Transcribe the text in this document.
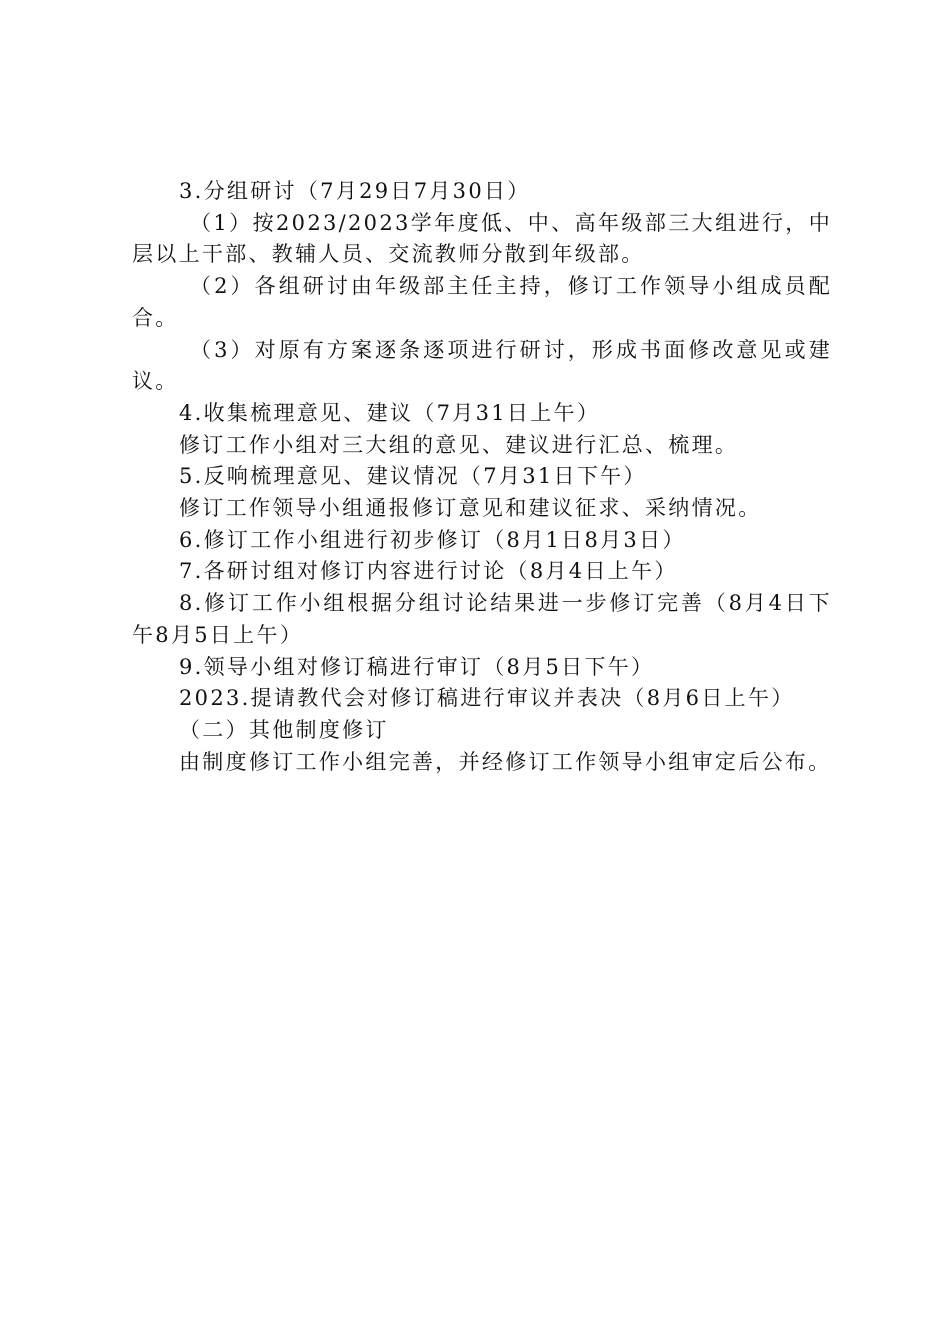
3.分组研讨（7月29日7月30日）

（1）按2023/2023学年度低、中、高年级部三大组进行，中层以上干部、教辅人员、交流教师分散到年级部。

（2）各组研讨由年级部主任主持，修订工作领导小组成员配合。

（3）对原有方案逐条逐项进行研讨，形成书面修改意见或建议。

4.收集梳理意见、建议（7月31日上午）

修订工作小组对三大组的意见、建议进行汇总、梳理。

5.反响梳理意见、建议情况（7月31日下午）

修订工作领导小组通报修订意见和建议征求、采纳情况。

6.修订工作小组进行初步修订（8月1日8月3日）

7.各研讨组对修订内容进行讨论（8月4日上午）

8.修订工作小组根据分组讨论结果进一步修订完善（8月4日下午8月5日上午）

9.领导小组对修订稿进行审订（8月5日下午）

2023.提请教代会对修订稿进行审议并表决（8月6日上午）

（二）其他制度修订

由制度修订工作小组完善，并经修订工作领导小组审定后公布。
